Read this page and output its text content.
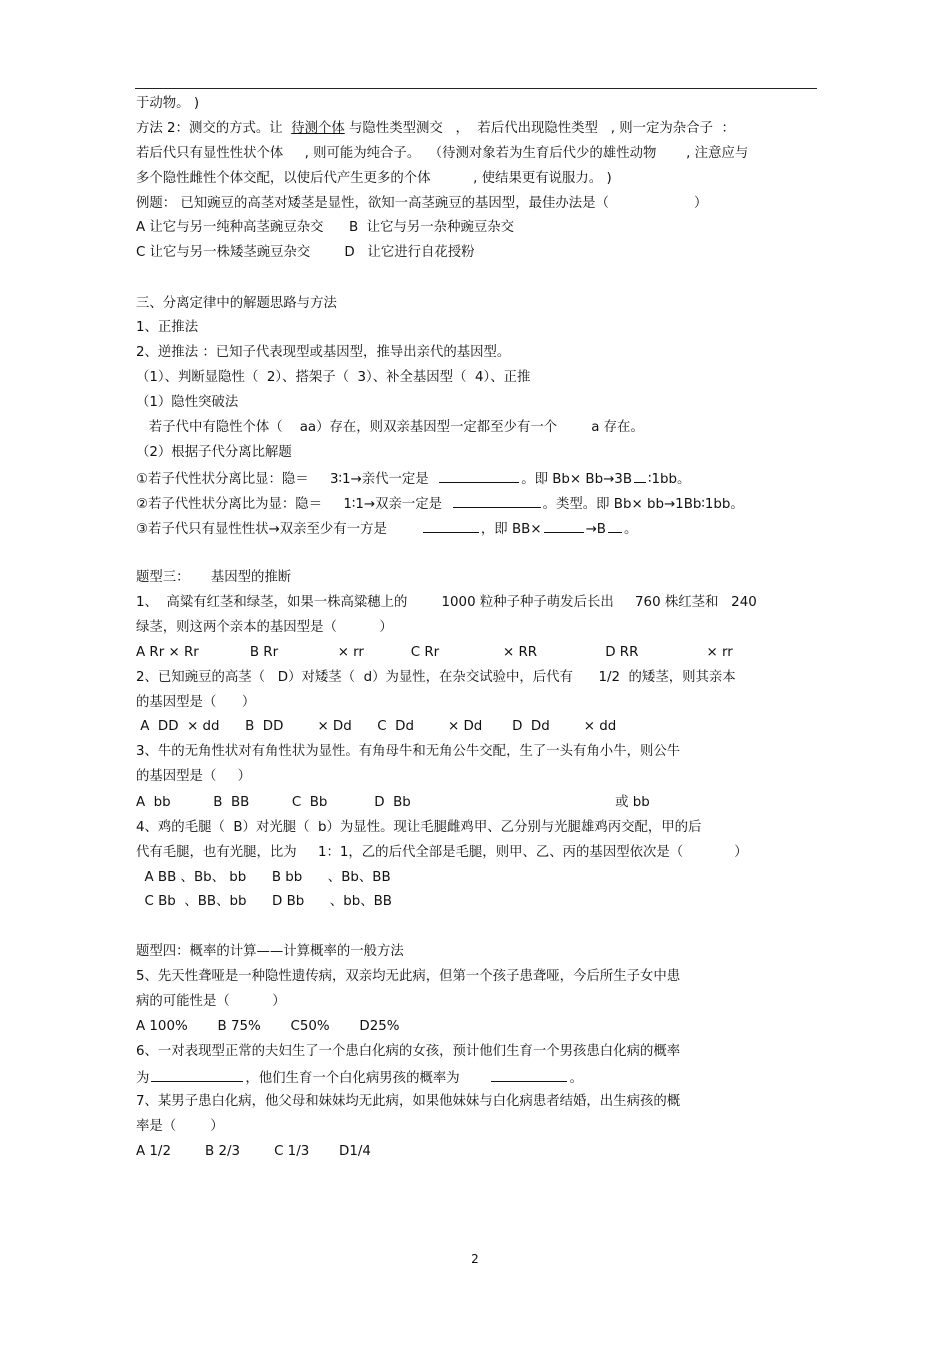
于动物。 )
方法 2：测交的方式。让  待测个体 与隐性类型测交   ，  若后代出现隐性类型   , 则一定为杂合子  ：
若后代只有显性性状个体     , 则可能为纯合子。  （待测对象若为生育后代少的雄性动物       , 注意应与
多个隐性雌性个体交配，以使后代产生更多的个体          , 使结果更有说服力。 )
例题： 已知豌豆的高茎对矮茎是显性，欲知一高茎豌豆的基因型，最佳办法是（                    ）
A 让它与另一纯种高茎豌豆杂交      B  让它与另一杂种豌豆杂交
C 让它与另一株矮茎豌豆杂交        D   让它进行自花授粉
三、分离定律中的解题思路与方法
1、正推法
2、逆推法 ：已知子代表现型或基因型，推导出亲代的基因型。
（1）、判断显隐性（  2）、搭架子（  3）、补全基因型（  4）、正推
（1）隐性突破法
若子代中有隐性个体（    aa）存在，则双亲基因型一定都至少有一个        a 存在。
（2）根据子代分离比解题
①若子代性状分离比显：隐＝     3∶1→亲代一定是	。即 Bb× Bb→3B ∶1bb。
②若子代性状分离比为显：隐＝     1∶1→双亲一定是	。类型。即 Bb× bb→1Bb∶1bb。
③若子代只有显性性状→双亲至少有一方是	，即 BB×	→B 。
题型三：     基因型的推断
1、  高粱有红茎和绿茎，如果一株高粱穗上的        1000 粒种子种子萌发后长出     760 株红茎和   240
绿茎，则这两个亲本的基因型是（          ）
A Rr × Rr            B Rr              × rr           C Rr               × RR                D RR                × rr
2、已知豌豆的高茎（   D）对矮茎（  d）为显性，在杂交试验中，后代有      1/2  的矮茎，则其亲本
的基因型是（      ）
A  DD  × dd      B  DD        × Dd      C  Dd        × Dd       D  Dd        × dd
3、牛的无角性状对有角性状为显性。有角母牛和无角公牛交配，生了一头有角小牛，则公牛
的基因型是（     ）
A  bb          B  BB          C  Bb           D  Bb                                                或 bb
4、鸡的毛腿（  B）对光腿（  b）为显性。现让毛腿雌鸡甲、乙分别与光腿雄鸡丙交配，甲的后
代有毛腿，也有光腿，比为     1：1，乙的后代全部是毛腿，则甲、乙、丙的基因型依次是（            ）
A BB 、Bb、 bb      B bb      、Bb、BB
C Bb  、BB、bb      D Bb      、bb、BB
题型四：概率的计算——计算概率的一般方法
5、先天性聋哑是一种隐性遗传病，双亲均无此病，但第一个孩子患聋哑，今后所生子女中患
病的可能性是（          ）
A 100%       B 75%       C50%       D25%
6、一对表现型正常的夫妇生了一个患白化病的女孩，预计他们生育一个男孩患白化病的概率
为	，他们生育一个白化病男孩的概率为	。
7、某男子患白化病，他父母和妹妹均无此病，如果他妹妹与白化病患者结婚，出生病孩的概
率是（        ）
A 1/2        B 2/3        C 1/3       D1/4
2
